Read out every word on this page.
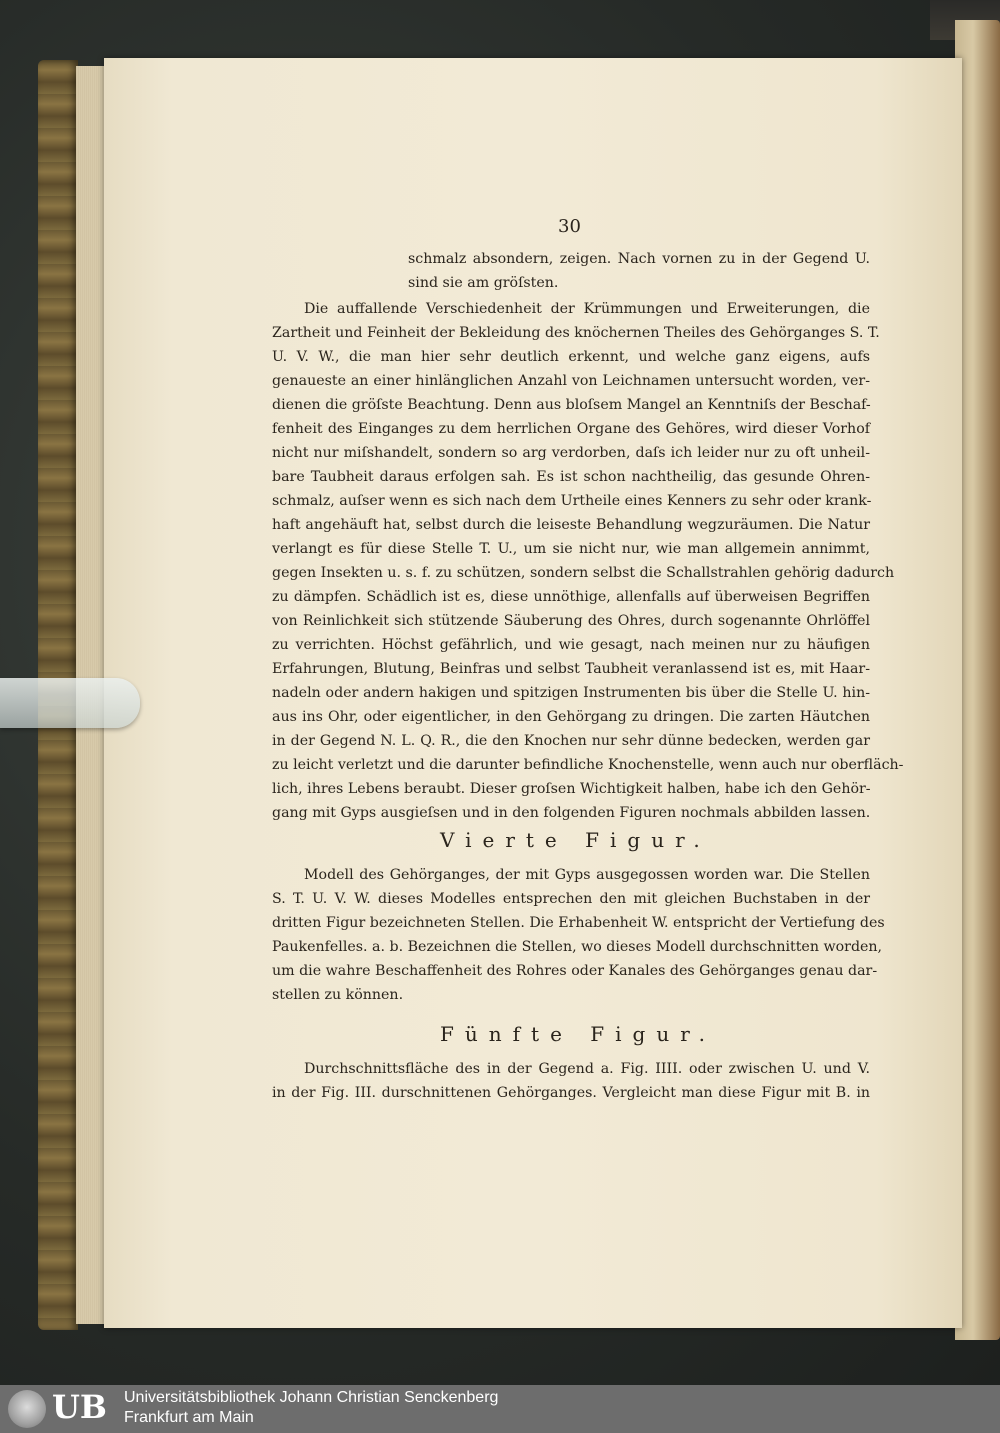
30
schmalz absondern, zeigen. Nach vornen zu in der Gegend U.
sind sie am gröſsten.
Die auffallende Verschiedenheit der Krümmungen und Erweiterungen, die
Zartheit und Feinheit der Bekleidung des knöchernen Theiles des Gehörganges S. T.
U. V. W., die man hier sehr deutlich erkennt, und welche ganz eigens, aufs
genaueste an einer hinlänglichen Anzahl von Leichnamen untersucht worden, ver-
dienen die gröſste Beachtung. Denn aus bloſsem Mangel an Kenntniſs der Beschaf-
fenheit des Einganges zu dem herrlichen Organe des Gehöres, wird dieser Vorhof
nicht nur miſshandelt, sondern so arg verdorben, daſs ich leider nur zu oft unheil-
bare Taubheit daraus erfolgen sah. Es ist schon nachtheilig, das gesunde Ohren-
schmalz, auſser wenn es sich nach dem Urtheile eines Kenners zu sehr oder krank-
haft angehäuft hat, selbst durch die leiseste Behandlung wegzuräumen. Die Natur
verlangt es für diese Stelle T. U., um sie nicht nur, wie man allgemein annimmt,
gegen Insekten u. s. f. zu schützen, sondern selbst die Schallstrahlen gehörig dadurch
zu dämpfen. Schädlich ist es, diese unnöthige, allenfalls auf überweisen Begriffen
von Reinlichkeit sich stützende Säuberung des Ohres, durch sogenannte Ohrlöffel
zu verrichten. Höchst gefährlich, und wie gesagt, nach meinen nur zu häufigen
Erfahrungen, Blutung, Beinfras und selbst Taubheit veranlassend ist es, mit Haar-
nadeln oder andern hakigen und spitzigen Instrumenten bis über die Stelle U. hin-
aus ins Ohr, oder eigentlicher, in den Gehörgang zu dringen. Die zarten Häutchen
in der Gegend N. L. Q. R., die den Knochen nur sehr dünne bedecken, werden gar
zu leicht verletzt und die darunter befindliche Knochenstelle, wenn auch nur oberfläch-
lich, ihres Lebens beraubt. Dieser groſsen Wichtigkeit halben, habe ich den Gehör-
gang mit Gyps ausgieſsen und in den folgenden Figuren nochmals abbilden lassen.
Vierte Figur.
Modell des Gehörganges, der mit Gyps ausgegossen worden war. Die Stellen
S. T. U. V. W. dieses Modelles entsprechen den mit gleichen Buchstaben in der
dritten Figur bezeichneten Stellen. Die Erhabenheit W. entspricht der Vertiefung des
Paukenfelles. a. b. Bezeichnen die Stellen, wo dieses Modell durchschnitten worden,
um die wahre Beschaffenheit des Rohres oder Kanales des Gehörganges genau dar-
stellen zu können.
Fünfte Figur.
Durchschnittsfläche des in der Gegend a. Fig. IIII. oder zwischen U. und V.
in der Fig. III. durschnittenen Gehörganges. Vergleicht man diese Figur mit B. in
UB Universitätsbibliothek Johann Christian Senckenberg
Frankfurt am Main
